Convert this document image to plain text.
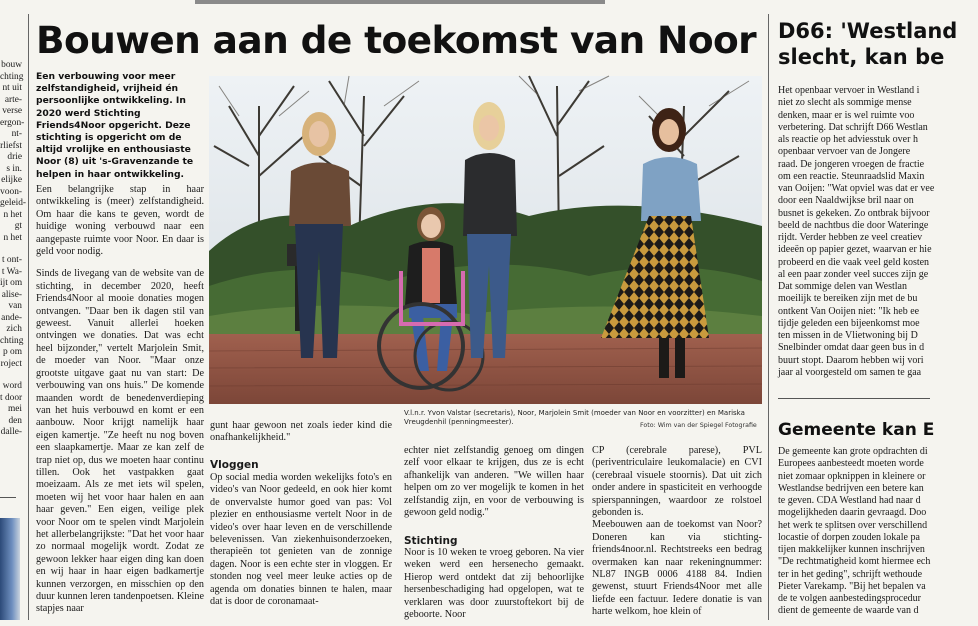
bouw
chting
nt uit
arte-
verse
ergon-
nt-
rliefst
drie
s in.
elijke
voon-
geleid-
n het
gt
n het
t ont-
t Wa-
ijt om
alise-
van
ande-
zich
chting
p om
roject
word
t door
mei
den
dalle-
Bouwen aan de toekomst van Noor

Een verbouwing voor meer zelfstandigheid, vrijheid én persoonlijke ontwikkeling. In 2020 werd Stichting Friends4Noor opgericht. Deze stichting is opgericht om de altijd vrolijke en enthousiaste Noor (8) uit 's-Gravenzande te helpen in haar ontwikkeling.

Een belangrijke stap in haar ontwikkeling is (meer) zelfstandigheid. Om haar die kans te geven, wordt de huidige woning verbouwd naar een aangepaste ruimte voor Noor. En daar is geld voor nodig.

Sinds de livegang van de website van de stichting, in december 2020, heeft Friends4Noor al mooie donaties mogen ontvangen. "Daar ben ik dagen stil van geweest. Vanuit allerlei hoeken ontvingen we donaties. Dat was echt heel bijzonder," vertelt Marjolein Smit, de moeder van Noor. "Maar onze grootste uitgave gaat nu van start: De verbouwing van ons huis." De komende maanden wordt de benedenverdieping van het huis verbouwd en komt er een aanbouw. Noor krijgt namelijk haar eigen kamertje. "Ze heeft nu nog boven een slaapkamertje. Maar ze kan zelf de trap niet op, dus we moeten haar continu tillen. Ook het vastpakken gaat moeizaam. Als ze met iets wil spelen, moeten wij het voor haar halen en aan haar geven." Een eigen, veilige plek voor Noor om te spelen vindt Marjolein het allerbelangrijkste: "Dat het voor haar zo normaal mogelijk wordt. Zodat ze gewoon lekker haar eigen ding kan doen en wij haar in haar eigen badkamertje kunnen verzorgen, en misschien op den duur kunnen leren tandenpoetsen. Kleine stapjes naar

V.l.n.r. Yvon Valstar (secretaris), Noor, Marjolein Smit (moeder van Noor en voorzitter) en Mariska Vreugdenhil (penningmeester).	Foto: Wim van der Spiegel Fotografie

gunt haar gewoon net zoals ieder kind die onafhankelijkheid."
Vloggen
Op social media worden wekelijks foto's en video's van Noor gedeeld, en ook hier komt de onvervalste humor goed van pas: Vol plezier en enthousiasme vertelt Noor in de video's over haar leven en de verschillende belevenissen. Van ziekenhuisonderzoeken, therapieën tot genieten van de zonnige dagen. Noor is een echte ster in vloggen. Er stonden nog veel meer leuke acties op de agenda om donaties binnen te halen, maar dat is door de coronamaat-
echter niet zelfstandig genoeg om dingen zelf voor elkaar te krijgen, dus ze is echt afhankelijk van anderen. "We willen haar helpen om zo ver mogelijk te komen in het zelfstandig zijn, en voor de verbouwing is gewoon geld nodig."
Stichting
Noor is 10 weken te vroeg geboren. Na vier weken werd een hersenecho gemaakt. Hierop werd ontdekt dat zij behoorlijke hersenbeschadiging had opgelopen, wat te verklaren was door zuurstoftekort bij de geboorte. Noor
CP (cerebrale parese), PVL (periventriculaire leukomalacie) en CVI (cerebraal visuele stoornis). Dat uit zich onder andere in spasticiteit en verhoogde spierspanningen, waardoor ze rolstoel gebonden is.
Meebouwen aan de toekomst van Noor? Doneren kan via stichting-friends4noor.nl. Rechtstreeks een bedrag overmaken kan naar rekeningnummer: NL87 INGB 0006 4188 84. Indien gewenst, stuurt Friends4Noor met alle liefde een factuur. Iedere donatie is van harte welkom, hoe klein of
D66: 'Westland
slecht, kan be
Het openbaar vervoer in Westland i
niet zo slecht als sommige mense
denken, maar er is wel ruimte voo
verbetering. Dat schrijft D66 Westlan
als reactie op het adviesstuk over h
openbaar vervoer van de Jongere
raad. De jongeren vroegen de fractie
om een reactie. Steunraadslid Maxin
van Ooijen: "Wat opviel was dat er vee
door een Naaldwijkse bril naar on
busnet is gekeken. Zo ontbrak bijvoor
beeld de nachtbus die door Wateringe
rijdt. Verder hebben ze veel creatiev
ideeën op papier gezet, waarvan er hie
probeerd en die vaak veel geld kosten
al een paar zonder veel succes zijn ge
Dat sommige delen van Westlan
moeilijk te bereiken zijn met de bu
ontkent Van Ooijen niet: "Ik heb ee
tijdje geleden een bijeenkomst moe
ten missen in de Vlietwoning bij D
Snelbinder omdat daar geen bus in d
buurt stopt. Daarom hebben wij vori
jaar al voorgesteld om samen te gaa
Gemeente kan E
De gemeente kan grote opdrachten di
Europees aanbesteedt moeten worde
niet zomaar opknippen in kleinere or
Westlandse bedrijven een betere kan
te geven. CDA Westland had naar d
mogelijkheden daarin gevraagd. Doo
het werk te splitsen over verschillend
locastie of dorpen zouden lokale pa
tijen makkelijker kunnen inschrijven
"De rechtmatigheid komt hiermee ech
ter in het geding", schrijft wethoude
Pieter Varekamp. "Bij het bepalen va
de te volgen aanbestedingsprocedur
dient de gemeente de waarde van d
